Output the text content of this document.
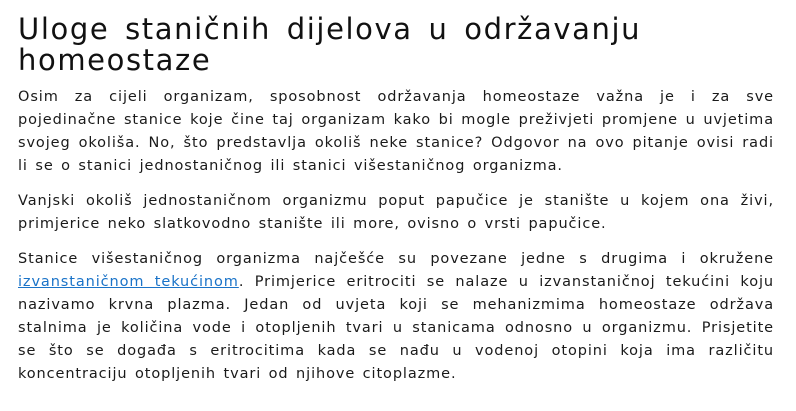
Uloge staničnih dijelova u održavanju homeostaze

Osim za cijeli organizam, sposobnost održavanja homeostaze važna je i za sve pojedinačne stanice koje čine taj organizam kako bi mogle preživjeti promjene u uvjetima svojeg okoliša. No, što predstavlja okoliš neke stanice? Odgovor na ovo pitanje ovisi radi li se o stanici jednostaničnog ili stanici višestaničnog organizma.

Vanjski okoliš jednostaničnom organizmu poput papučice je stanište u kojem ona živi, primjerice neko slatkovodno stanište ili more, ovisno o vrsti papučice.

Stanice višestaničnog organizma najčešće su povezane jedne s drugima i okružene izvanstaničnom tekućinom. Primjerice eritrociti se nalaze u izvanstaničnoj tekućini koju nazivamo krvna plazma. Jedan od uvjeta koji se mehanizmima homeostaze održava stalnima je količina vode i otopljenih tvari u stanicama odnosno u organizmu. Prisjetite se što se događa s eritrocitima kada se nađu u vodenoj otopini koja ima različitu koncentraciju otopljenih tvari od njihove citoplazme.
